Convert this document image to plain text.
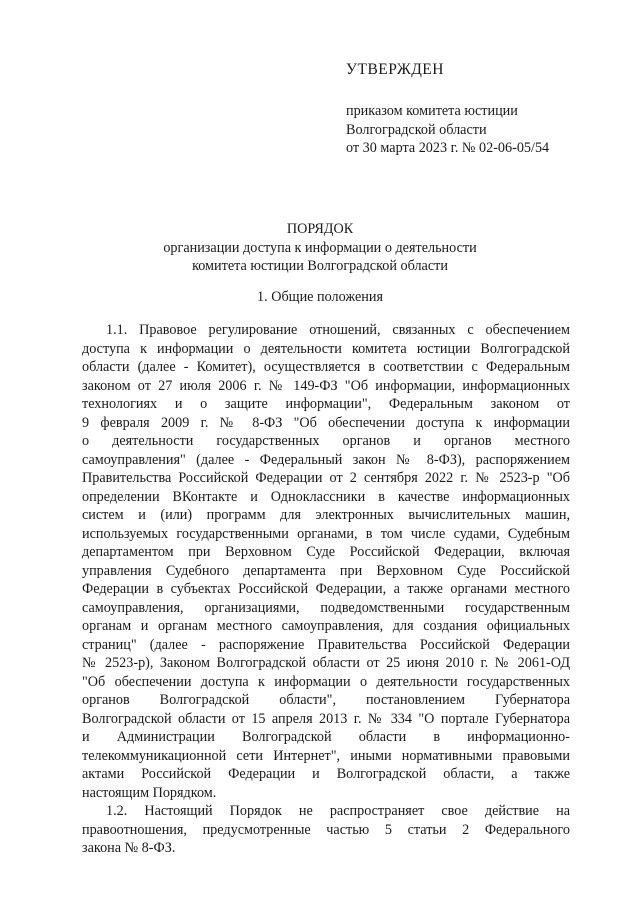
УТВЕРЖДЕН
приказом комитета юстиции
Волгоградской области
от 30 марта 2023 г. № 02-06-05/54
ПОРЯДОК
организации доступа к информации о деятельности
комитета юстиции Волгоградской области
1. Общие положения
1.1. Правовое регулирование отношений, связанных с обеспечением
доступа к информации о деятельности комитета юстиции Волгоградской
области (далее - Комитет), осуществляется в соответствии с Федеральным
законом от 27 июля 2006 г. № 149-ФЗ "Об информации, информационных
технологиях и о защите информации", Федеральным законом от
9 февраля 2009 г. № 8-ФЗ "Об обеспечении доступа к информации
о деятельности государственных органов и органов местного
самоуправления" (далее - Федеральный закон № 8-ФЗ), распоряжением
Правительства Российской Федерации от 2 сентября 2022 г. № 2523-р "Об
определении ВКонтакте и Одноклассники в качестве информационных
систем и (или) программ для электронных вычислительных машин,
используемых государственными органами, в том числе судами, Судебным
департаментом при Верховном Суде Российской Федерации, включая
управления Судебного департамента при Верховном Суде Российской
Федерации в субъектах Российской Федерации, а также органами местного
самоуправления, организациями, подведомственными государственным
органам и органам местного самоуправления, для создания официальных
страниц" (далее - распоряжение Правительства Российской Федерации
№ 2523-р), Законом Волгоградской области от 25 июня 2010 г. № 2061-ОД
"Об обеспечении доступа к информации о деятельности государственных
органов Волгоградской области", постановлением Губернатора
Волгоградской области от 15 апреля 2013 г. № 334 "О портале Губернатора
и Администрации Волгоградской области в информационно-
телекоммуникационной сети Интернет", иными нормативными правовыми
актами Российской Федерации и Волгоградской области, а также
настоящим Порядком.
1.2. Настоящий Порядок не распространяет свое действие на
правоотношения, предусмотренные частью 5 статьи 2 Федерального
закона № 8-ФЗ.
